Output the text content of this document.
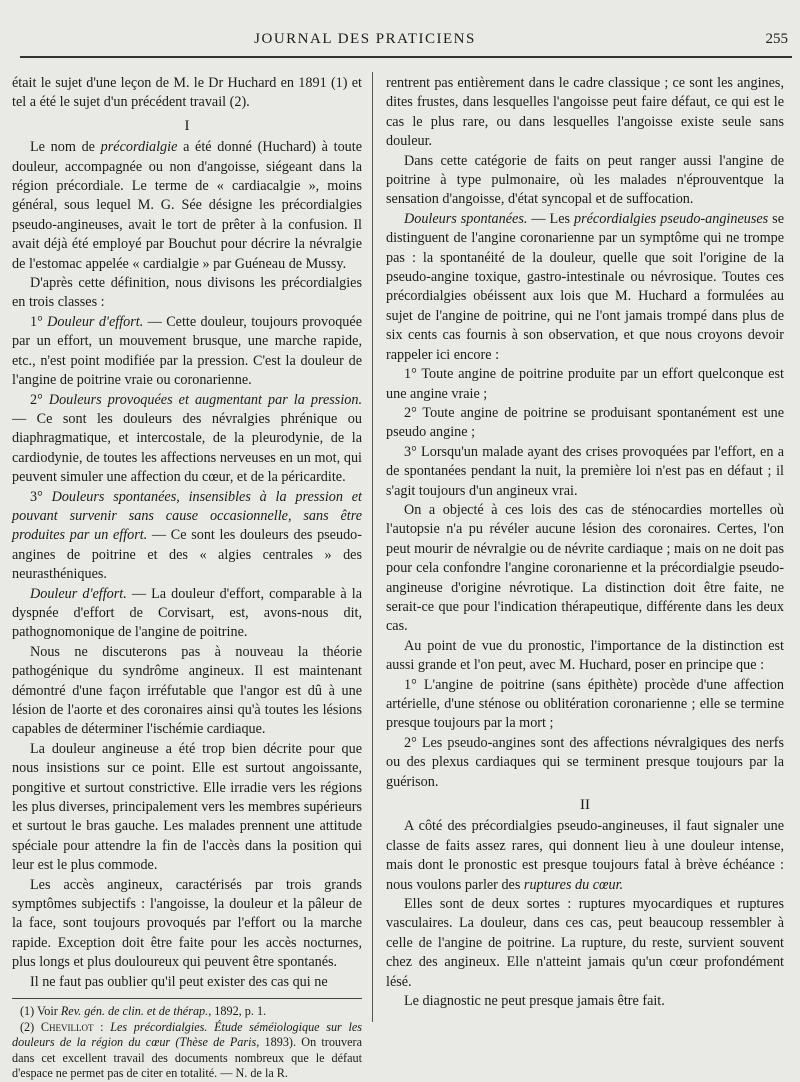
JOURNAL DES PRATICIENS	255

était le sujet d'une leçon de M. le Dr Huchard en 1891 (1) et tel a été le sujet d'un précédent travail (2).

I

Le nom de précordialgie a été donné (Huchard) à toute douleur, accompagnée ou non d'angoisse, siégeant dans la région précordiale. Le terme de « cardiacalgie », moins général, sous lequel M. G. Sée désigne les précordialgies pseudo-angineuses, avait le tort de prêter à la confusion. Il avait déjà été employé par Bouchut pour décrire la névralgie de l'estomac appelée « cardialgie » par Guéneau de Mussy.

D'après cette définition, nous divisons les précordialgies en trois classes :

1° Douleur d'effort. — Cette douleur, toujours provoquée par un effort, un mouvement brusque, une marche rapide, etc., n'est point modifiée par la pression. C'est la douleur de l'angine de poitrine vraie ou coronarienne.

2° Douleurs provoquées et augmentant par la pression. — Ce sont les douleurs des névralgies phrénique ou diaphragmatique, et intercostale, de la pleurodynie, de la cardiodynie, de toutes les affections nerveuses en un mot, qui peuvent simuler une affection du cœur, et de la péricardite.

3° Douleurs spontanées, insensibles à la pression et pouvant survenir sans cause occasionnelle, sans être produites par un effort. — Ce sont les douleurs des pseudo-angines de poitrine et des « algies centrales » des neurasthéniques.

Douleur d'effort. — La douleur d'effort, comparable à la dyspnée d'effort de Corvisart, est, avons-nous dit, pathognomonique de l'angine de poitrine.

Nous ne discuterons pas à nouveau la théorie pathogénique du syndrôme angineux. Il est maintenant démontré d'une façon irréfutable que l'angor est dû à une lésion de l'aorte et des coronaires ainsi qu'à toutes les lésions capables de déterminer l'ischémie cardiaque.

La douleur angineuse a été trop bien décrite pour que nous insistions sur ce point. Elle est surtout angoissante, pongitive et surtout constrictive. Elle irradie vers les régions les plus diverses, principalement vers les membres supérieurs et surtout le bras gauche. Les malades prennent une attitude spéciale pour attendre la fin de l'accès dans la position qui leur est le plus commode.

Les accès angineux, caractérisés par trois grands symptômes subjectifs : l'angoisse, la douleur et la pâleur de la face, sont toujours provoqués par l'effort ou la marche rapide. Exception doit être faite pour les accès nocturnes, plus longs et plus douloureux qui peuvent être spontanés.

Il ne faut pas oublier qu'il peut exister des cas qui ne

(1) Voir Rev. gén. de clin. et de thérap., 1892, p. 1.

(2) Chevillot : Les précordialgies. Étude séméiologique sur les douleurs de la région du cœur (Thèse de Paris, 1893). On trouvera dans cet excellent travail des documents nombreux que le défaut d'espace ne permet pas de citer en totalité. — N. de la R.

rentrent pas entièrement dans le cadre classique ; ce sont les angines, dites frustes, dans lesquelles l'angoisse peut faire défaut, ce qui est le cas le plus rare, ou dans lesquelles l'angoisse existe seule sans douleur.

Dans cette catégorie de faits on peut ranger aussi l'angine de poitrine à type pulmonaire, où les malades n'éprouventque la sensation d'angoisse, d'état syncopal et de suffocation.

Douleurs spontanées. — Les précordialgies pseudo-angineuses se distinguent de l'angine coronarienne par un symptôme qui ne trompe pas : la spontanéité de la douleur, quelle que soit l'origine de la pseudo-angine toxique, gastro-intestinale ou névrosique. Toutes ces précordialgies obéissent aux lois que M. Huchard a formulées au sujet de l'angine de poitrine, qui ne l'ont jamais trompé dans plus de six cents cas fournis à son observation, et que nous croyons devoir rappeler ici encore :

1° Toute angine de poitrine produite par un effort quelconque est une angine vraie ;

2° Toute angine de poitrine se produisant spontanément est une pseudo angine ;

3° Lorsqu'un malade ayant des crises provoquées par l'effort, en a de spontanées pendant la nuit, la première loi n'est pas en défaut ; il s'agit toujours d'un angineux vrai.

On a objecté à ces lois des cas de sténocardies mortelles où l'autopsie n'a pu révéler aucune lésion des coronaires. Certes, l'on peut mourir de névralgie ou de névrite cardiaque ; mais on ne doit pas pour cela confondre l'angine coronarienne et la précordialgie pseudo-angineuse d'origine névrotique. La distinction doit être faite, ne serait-ce que pour l'indication thérapeutique, différente dans les deux cas.

Au point de vue du pronostic, l'importance de la distinction est aussi grande et l'on peut, avec M. Huchard, poser en principe que :

1° L'angine de poitrine (sans épithète) procède d'une affection artérielle, d'une sténose ou oblitération coronarienne ; elle se termine presque toujours par la mort ;

2° Les pseudo-angines sont des affections névralgiques des nerfs ou des plexus cardiaques qui se terminent presque toujours par la guérison.

II

A côté des précordialgies pseudo-angineuses, il faut signaler une classe de faits assez rares, qui donnent lieu à une douleur intense, mais dont le pronostic est presque toujours fatal à brève échéance : nous voulons parler des ruptures du cœur.

Elles sont de deux sortes : ruptures myocardiques et ruptures vasculaires. La douleur, dans ces cas, peut beaucoup ressembler à celle de l'angine de poitrine. La rupture, du reste, survient souvent chez des angineux. Elle n'atteint jamais qu'un cœur profondément lésé.

Le diagnostic ne peut presque jamais être fait.
